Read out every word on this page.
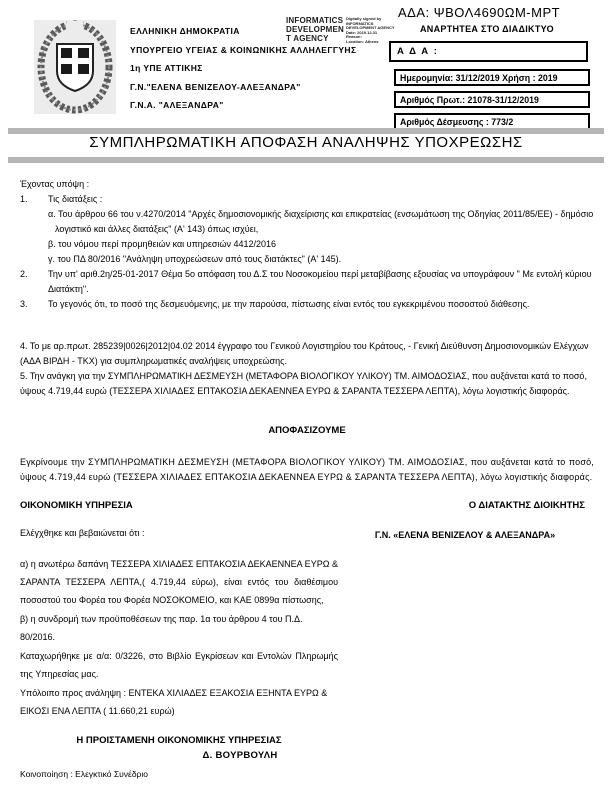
ΕΛΛΗΝΙΚΗ ΔΗΜΟΚΡΑΤΙΑ
ΥΠΟΥΡΓΕΙΟ ΥΓΕΙΑΣ & ΚΟΙΝΩΝΙΚΗΣ ΑΛΛΗΛΕΓΓΥΗΣ
1η ΥΠΕ ΑΤΤΙΚΗΣ
Γ.Ν."ΕΛΕΝΑ ΒΕΝΙΖΕΛΟΥ-ΑΛΕΞΑΝΔΡΑ"
Γ.Ν.Α. "ΑΛΕΞΑΝΔΡΑ"
INFORMATICS
DEVELOPMEN
T AGENCY
Digitally signed by
INFORMATICS
DEVELOPMENT AGENCY
Date: 2019.12.31
Reason:
Location: Athens
ΑΔΑ: ΨΒΟΛ4690ΩΜ-ΜΡΤ
ΑΝΑΡΤΗΤΕΑ ΣΤΟ ΔΙΑΔΙΚΤΥΟ
Α Δ Α :
Ημερομηνία: 31/12/2019 Χρήση : 2019
Αριθμός Πρωτ.: 21078-31/12/2019
Αριθμός Δέσμευσης : 773/2
ΣΥΜΠΛΗΡΩΜΑΤΙΚΗ ΑΠΟΦΑΣΗ ΑΝΑΛΗΨΗΣ ΥΠΟΧΡΕΩΣΗΣ
Έχοντας υπόψη :
1.	Τις διατάξεις :
α. Του άρθρου 66 του ν.4270/2014 "Αρχές δημοσιονομικής διαχείρισης και επικρατείας (ενσωμάτωση της Οδηγίας 2011/85/ΕΕ) - δημόσιο
λογιστικό και άλλες διατάξεις" (Α' 143) όπως ισχύει,
β. του νόμου περί προμηθειών και υπηρεσιών 4412/2016
γ. του ΠΔ 80/2016 "Ανάληψη υποχρεώσεων από τους διατάκτες" (Α' 145).
2.	Την υπ' αριθ.2η/25-01-2017 Θέμα 5ο απόφαση του Δ.Σ του Νοσοκομείου περί μεταβίβασης εξουσίας να υπογράφουν " Με εντολή κύριου Διατάκτη".
3.	Το γεγονός ότι, το ποσό της δεσμευόμενης, με την παρούσα, πίστωσης είναι εντός του εγκεκριμένου ποσοστού διάθεσης.
4. Το με αρ.πρωτ. 285239|0026|2012|04.02 2014 έγγραφο του Γενικού Λογιστηρίου του Κράτους, - Γενική Διεύθυνση Δημοσιονομικών Ελέγχων (ΑΔΑ ΒΙΡΔΗ - ΤΚΧ) για συμπληρωματικές αναλήψεις υποχρεώσης.
5. Την ανάγκη για την ΣΥΜΠΛΗΡΩΜΑΤΙΚΗ ΔΕΣΜΕΥΣΗ (ΜΕΤΑΦΟΡΑ ΒΙΟΛΟΓΙΚΟΥ ΥΛΙΚΟΥ) ΤΜ. ΑΙΜΟΔΟΣΙΑΣ, που αυξάνεται κατά το ποσό, ύψους 4.719,44 ευρώ (ΤΕΣΣΕΡΑ ΧΙΛΙΑΔΕΣ ΕΠΤΑΚΟΣΙΑ ΔΕΚΑΕΝΝΕΑ ΕΥΡΩ & ΣΑΡΑΝΤΑ ΤΕΣΣΕΡΑ ΛΕΠΤΑ), λόγω λογιστικής διαφοράς.
ΑΠΟΦΑΣΙΖΟΥΜΕ
Εγκρίνουμε την ΣΥΜΠΛΗΡΩΜΑΤΙΚΗ ΔΕΣΜΕΥΣΗ (ΜΕΤΑΦΟΡΑ ΒΙΟΛΟΓΙΚΟΥ ΥΛΙΚΟΥ) ΤΜ. ΑΙΜΟΔΟΣΙΑΣ, που αυξάνεται κατά το ποσό, ύψους 4.719,44 ευρώ (ΤΕΣΣΕΡΑ ΧΙΛΙΑΔΕΣ ΕΠΤΑΚΟΣΙΑ ΔΕΚΑΕΝΝΕΑ ΕΥΡΩ & ΣΑΡΑΝΤΑ ΤΕΣΣΕΡΑ ΛΕΠΤΑ), λόγω λογιστικής διαφοράς.
ΟΙΚΟΝΟΜΙΚΗ ΥΠΗΡΕΣΙΑ
Ελέγχθηκε και βεβαιώνεται ότι :
α) η ανωτέρω δαπάνη ΤΕΣΣΕΡΑ ΧΙΛΙΑΔΕΣ ΕΠΤΑΚΟΣΙΑ ΔΕΚΑΕΝΝΕΑ ΕΥΡΩ & ΣΑΡΑΝΤΑ ΤΕΣΣΕΡΑ ΛΕΠΤΑ,( 4.719,44 εύρω), είναι εντός του διαθέσιμου ποσοστού του Φορέα του Φορέα ΝΟΣΟΚΟΜΕΙΟ, και ΚΑΕ 0899α πίστωσης,
β) η συνδρομή των προϋποθέσεων της παρ. 1α του άρθρου 4 του Π.Δ. 80/2016.
Καταχωρήθηκε με α/α: 0/3226, στο Βιβλίο Εγκρίσεων και Εντολών Πληρωμής της Υπηρεσίας μας.
Υπόλοιπο προς ανάληψη : ΕΝΤΕΚΑ ΧΙΛΙΑΔΕΣ ΕΞΑΚΟΣΙΑ ΕΞΗΝΤΑ ΕΥΡΩ & ΕΙΚΟΣΙ ΕΝΑ ΛΕΠΤΑ ( 11.660,21 ευρώ)
Η ΠΡΟΙΣΤΑΜΕΝΗ ΟΙΚΟΝΟΜΙΚΗΣ ΥΠΗΡΕΣΙΑΣ
Ο ΔΙΑΤΑΚΤΗΣ ΔΙΟΙΚΗΤΗΣ
Γ.Ν. «ΕΛΕΝΑ ΒΕΝΙΖΕΛΟΥ & ΑΛΕΞΑΝΔΡΑ»
Δ. ΒΟΥΡΒΟΥΛΗ
Κοινοποίηση : Ελεγκτικό Συνέδριο
